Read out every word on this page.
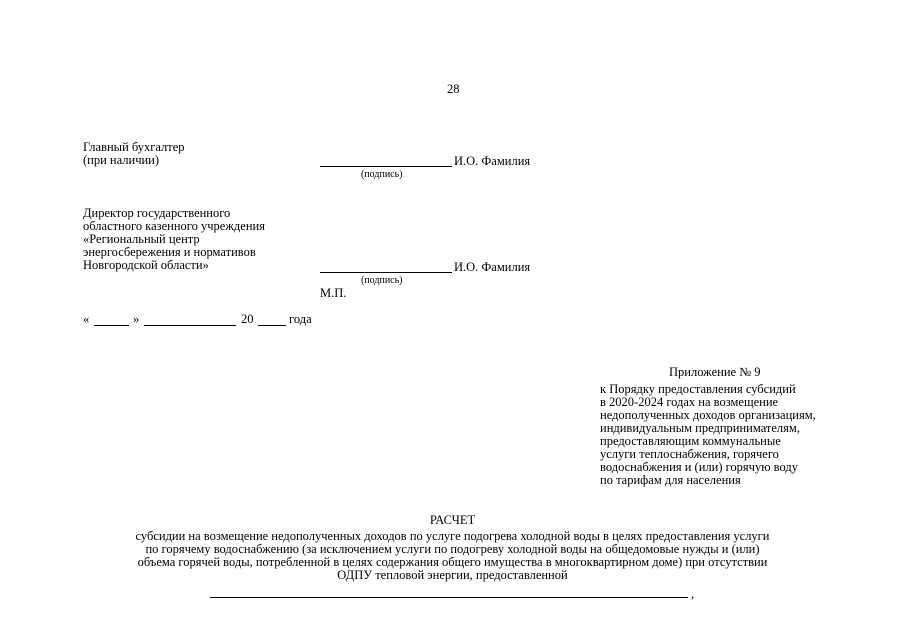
28
Главный бухгалтер
(при наличии)	И.О. Фамилия
(подпись)
Директор государственного
областного казенного учреждения
«Региональный центр
энергосбережения и нормативов
Новгородской области»	И.О. Фамилия
(подпись)
М.П.
«	»	20	года
Приложение № 9
к Порядку предоставления субсидий
в 2020-2024 годах на возмещение
недополученных доходов организациям,
индивидуальным предпринимателям,
предоставляющим коммунальные
услуги теплоснабжения, горячего
водоснабжения и (или) горячую воду
по тарифам для населения
РАСЧЕТ
субсидии на возмещение недополученных доходов по услуге подогрева холодной воды в целях предоставления услуги
по горячему водоснабжению (за исключением услуги по подогреву холодной воды на общедомовые нужды и (или)
объема горячей воды, потребленной в целях содержания общего имущества в многоквартирном доме) при отсутствии
ОДПУ тепловой энергии, предоставленной
,
